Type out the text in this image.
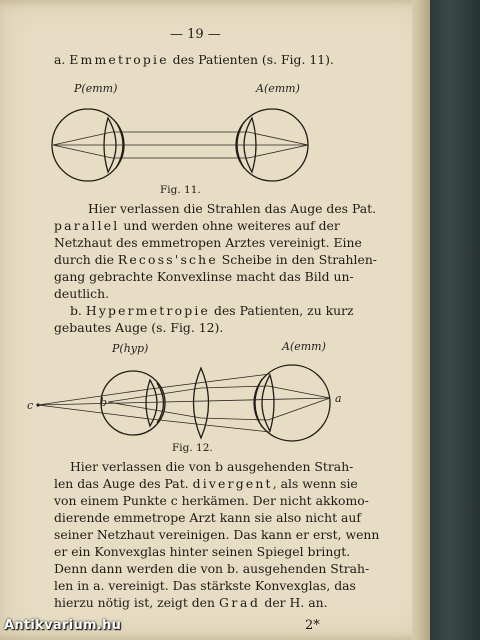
— 19 —
a. Emmetropie des Patienten (s. Fig. 11).
P(emm)	A(emm)
Fig. 11.
Hier verlassen die Strahlen das Auge des Pat.
parallel und werden ohne weiteres auf der
Netzhaut des emmetropen Arztes vereinigt. Eine
durch die Recoss'sche Scheibe in den Strahlen-
gang gebrachte Konvexlinse macht das Bild un-
deutlich.
b. Hypermetropie des Patienten, zu kurz
gebautes Auge (s. Fig. 12).
P(hyp)	A(emm)
c	b	a
Fig. 12.
Hier verlassen die von b ausgehenden Strah-
len das Auge des Pat. divergent, als wenn sie
von einem Punkte c herkämen. Der nicht akkomo-
dierende emmetrope Arzt kann sie also nicht auf
seiner Netzhaut vereinigen. Das kann er erst, wenn
er ein Konvexglas hinter seinen Spiegel bringt.
Denn dann werden die von b. ausgehenden Strah-
len in a. vereinigt. Das stärkste Konvexglas, das
hierzu nötig ist, zeigt den Grad der H. an.
2*
Antikvarium.hu
